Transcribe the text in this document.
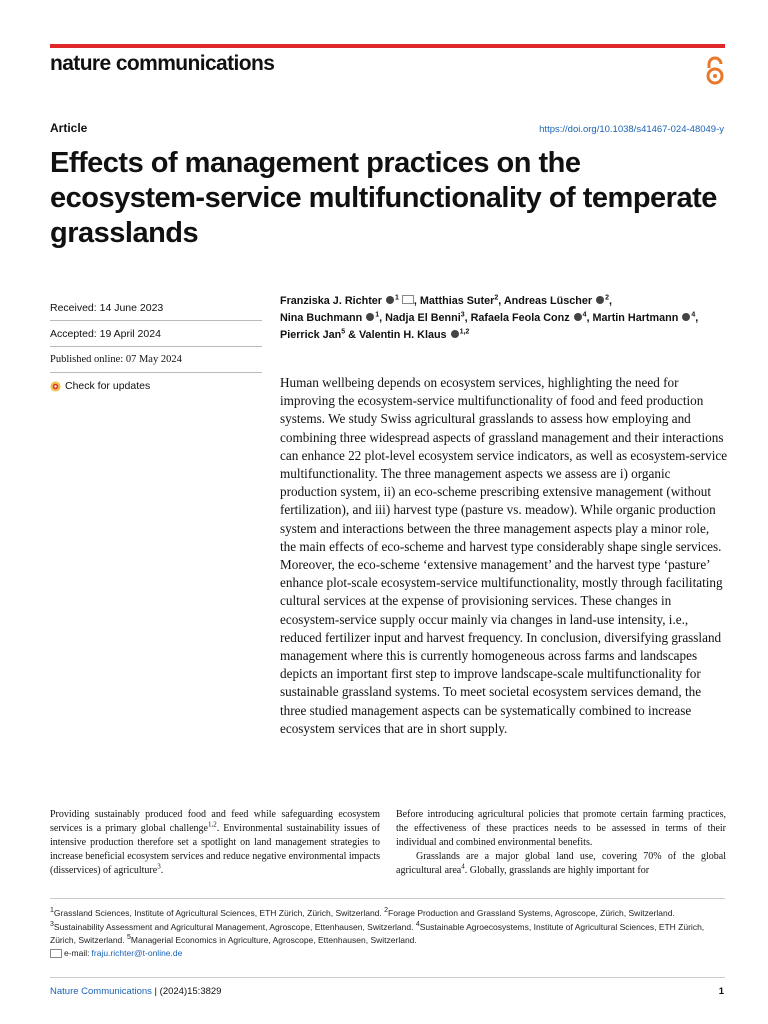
nature communications
Article	https://doi.org/10.1038/s41467-024-48049-y
Effects of management practices on the ecosystem-service multifunctionality of temperate grasslands
Received: 14 June 2023
Accepted: 19 April 2024
Published online: 07 May 2024
Check for updates
Franziska J. Richter $^1$ , Matthias Suter$^2$, Andreas Lüscher $^2$,
Nina Buchmann $^1$, Nadja El Benni$^3$, Rafaela Feola Conz $^4$, Martin Hartmann $^4$,
Pierrick Jan$^5$ & Valentin H. Klaus $^{1,2}$

Human wellbeing depends on ecosystem services, highlighting the need for improving the ecosystem-service multifunctionality of food and feed production systems. We study Swiss agricultural grasslands to assess how employing and combining three widespread aspects of grassland management and their interactions can enhance 22 plot-level ecosystem service indicators, as well as ecosystem-service multifunctionality. The three management aspects we assess are i) organic production system, ii) an eco-scheme prescribing extensive management (without fertilization), and iii) harvest type (pasture vs. meadow). While organic production system and interactions between the three management aspects play a minor role, the main effects of eco-scheme and harvest type considerably shape single services. Moreover, the eco-scheme ‘extensive management’ and the harvest type ‘pasture’ enhance plot-scale ecosystem-service multifunctionality, mostly through facilitating cultural services at the expense of provisioning services. These changes in ecosystem-service supply occur mainly via changes in land-use intensity, i.e., reduced fertilizer input and harvest frequency. In conclusion, diversifying grassland management where this is currently homogeneous across farms and landscapes depicts an important first step to improve landscape-scale multifunctionality for sustainable grassland systems. To meet societal ecosystem services demand, the three studied management aspects can be systematically combined to increase ecosystem services that are in short supply.

Providing sustainably produced food and feed while safeguarding ecosystem services is a primary global challenge$^{1,2}$. Environmental sustainability issues of intensive production therefore set a spotlight on land management strategies to increase beneficial ecosystem services and reduce negative environmental impacts (disservices) of agriculture$^3$.

Before introducing agricultural policies that promote certain farming practices, the effectiveness of these practices needs to be assessed in terms of their individual and combined environmental benefits.

Grasslands are a major global land use, covering 70% of the global agricultural area$^4$. Globally, grasslands are highly important for

$^1$Grassland Sciences, Institute of Agricultural Sciences, ETH Zürich, Zürich, Switzerland. $^2$Forage Production and Grassland Systems, Agroscope, Zürich, Switzerland. $^3$Sustainability Assessment and Agricultural Management, Agroscope, Ettenhausen, Switzerland. $^4$Sustainable Agroecosystems, Institute of Agricultural Sciences, ETH Zürich, Zürich, Switzerland. $^5$Managerial Economics in Agriculture, Agroscope, Ettenhausen, Switzerland.

e-mail: fraju.richter@t-online.de
Nature Communications | (2024)15:3829	1
